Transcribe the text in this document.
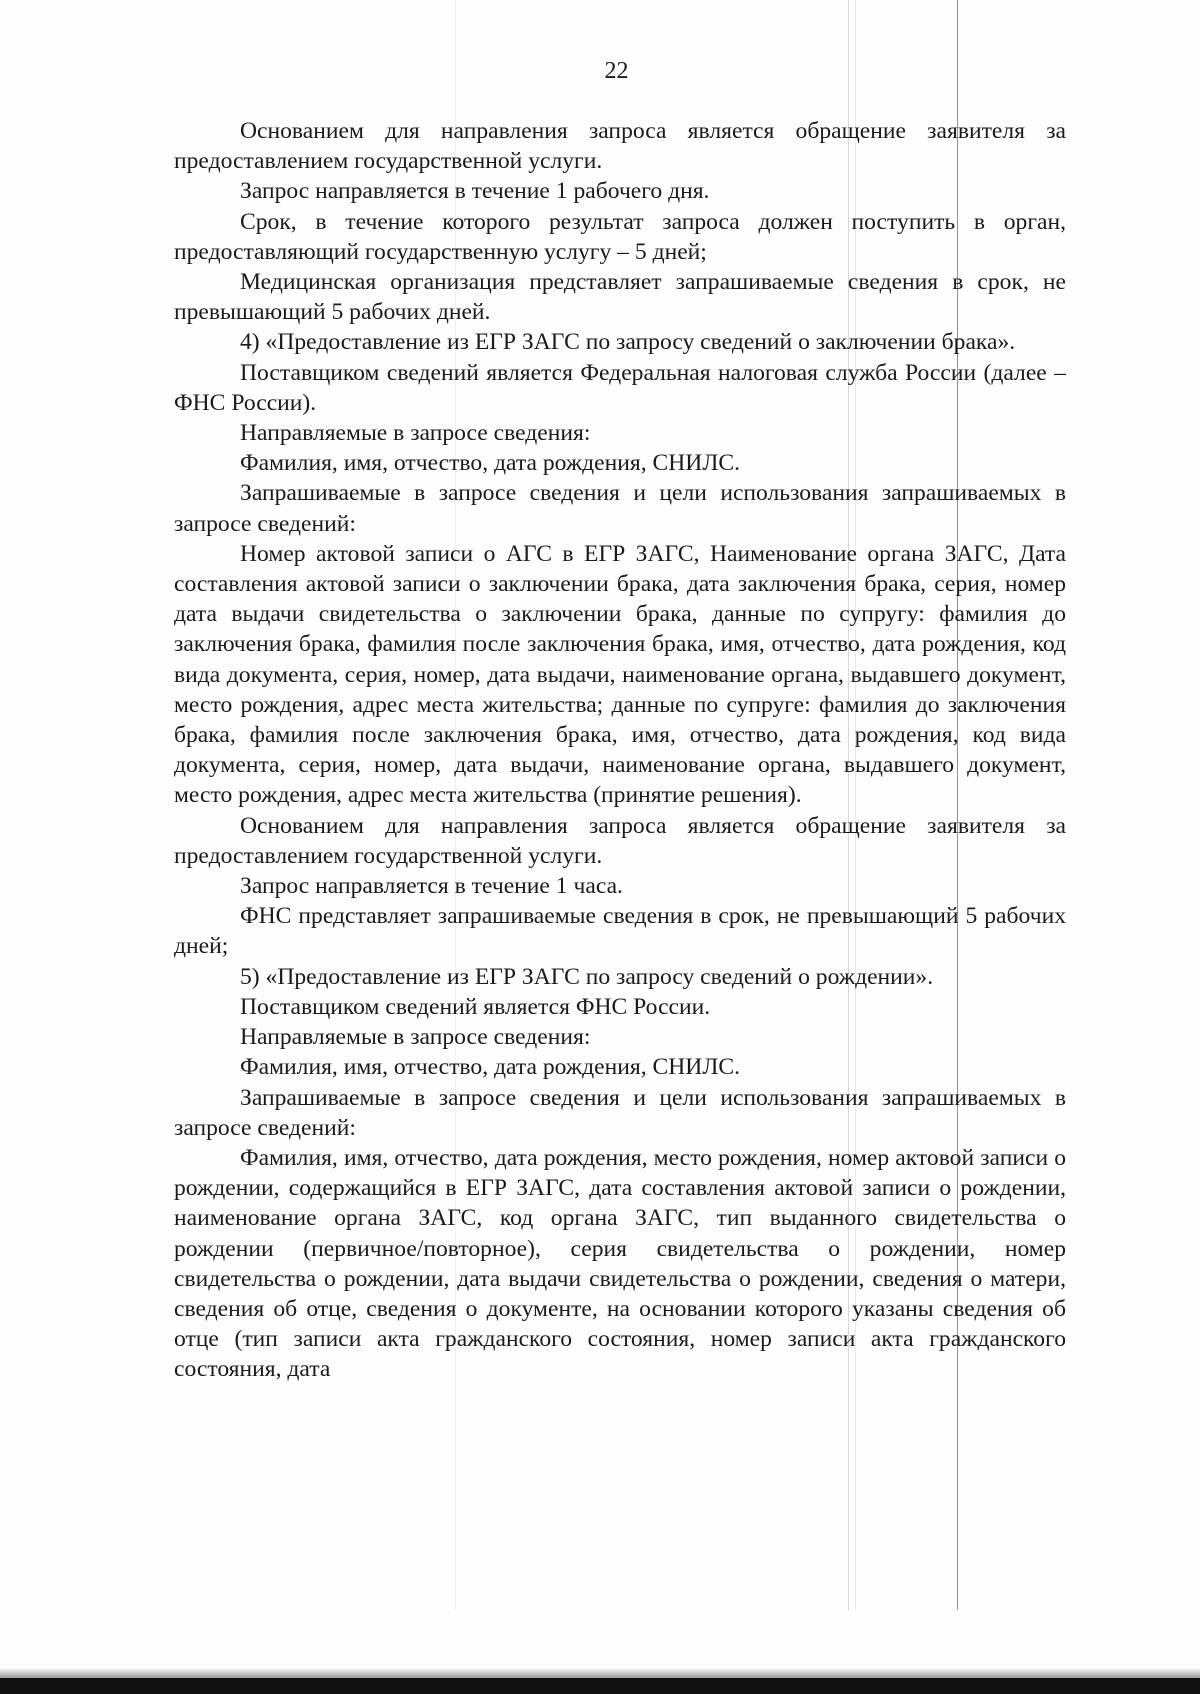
22

Основанием для направления запроса является обращение заявителя за предоставлением государственной услуги.

Запрос направляется в течение 1 рабочего дня.

Срок, в течение которого результат запроса должен поступить в орган, предоставляющий государственную услугу – 5 дней;

Медицинская организация представляет запрашиваемые сведения в срок, не превышающий 5 рабочих дней.

4) «Предоставление из ЕГР ЗАГС по запросу сведений о заключении брака».

Поставщиком сведений является Федеральная налоговая служба России (далее – ФНС России).

Направляемые в запросе сведения:

Фамилия, имя, отчество, дата рождения, СНИЛС.

Запрашиваемые в запросе сведения и цели использования запрашиваемых в запросе сведений:

Номер актовой записи о АГС в ЕГР ЗАГС, Наименование органа ЗАГС, Дата составления актовой записи о заключении брака, дата заключения брака, серия, номер дата выдачи свидетельства о заключении брака, данные по супругу: фамилия до заключения брака, фамилия после заключения брака, имя, отчество, дата рождения, код вида документа, серия, номер, дата выдачи, наименование органа, выдавшего документ, место рождения, адрес места жительства; данные по супруге: фамилия до заключения брака, фамилия после заключения брака, имя, отчество, дата рождения, код вида документа, серия, номер, дата выдачи, наименование органа, выдавшего документ, место рождения, адрес места жительства (принятие решения).

Основанием для направления запроса является обращение заявителя за предоставлением государственной услуги.

Запрос направляется в течение 1 часа.

ФНС представляет запрашиваемые сведения в срок, не превышающий 5 рабочих дней;

5) «Предоставление из ЕГР ЗАГС по запросу сведений о рождении».

Поставщиком сведений является ФНС России.

Направляемые в запросе сведения:

Фамилия, имя, отчество, дата рождения, СНИЛС.

Запрашиваемые в запросе сведения и цели использования запрашиваемых в запросе сведений:

Фамилия, имя, отчество, дата рождения, место рождения, номер актовой записи о рождении, содержащийся в ЕГР ЗАГС, дата составления актовой записи о рождении, наименование органа ЗАГС, код органа ЗАГС, тип выданного свидетельства о рождении (первичное/повторное), серия свидетельства о рождении, номер свидетельства о рождении, дата выдачи свидетельства о рождении, сведения о матери, сведения об отце, сведения о документе, на основании которого указаны сведения об отце (тип записи акта гражданского состояния, номер записи акта гражданского состояния, дата
